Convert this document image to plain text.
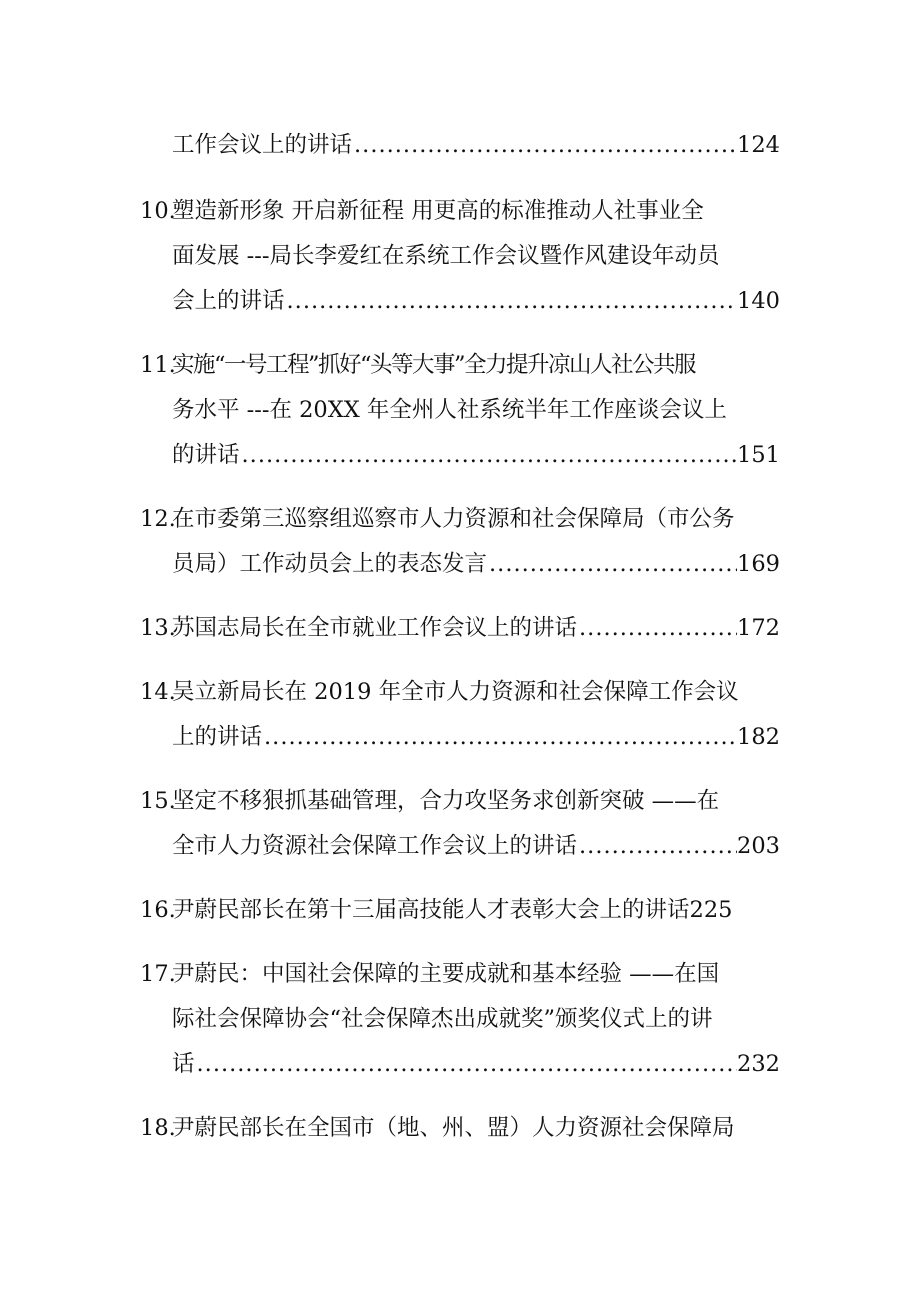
工作会议上的讲话 .....	124
10.
塑造新形象 开启新征程 用更高的标准推动人社事业全
面发展 ---局长李爱红在系统工作会议暨作风建设年动员
会上的讲话 .....	140
11.
实施“一号工程”抓好“头等大事”全力提升凉山人社公共服
务水平 ---在 20XX 年全州人社系统半年工作座谈会议上
的讲话 .....	151
12.
在市委第三巡察组巡察市人力资源和社会保障局（市公务
员局）工作动员会上的表态发言 .....	169
13.
苏国志局长在全市就业工作会议上的讲话 .....	172
14.
吴立新局长在 2019 年全市人力资源和社会保障工作会议
上的讲话 .....	182
15.
坚定不移狠抓基础管理，合力攻坚务求创新突破 ——在
全市人力资源社会保障工作会议上的讲话 .....	203
16.
尹蔚民部长在第十三届高技能人才表彰大会上的讲话 225
17.
尹蔚民：中国社会保障的主要成就和基本经验 ——在国
际社会保障协会“社会保障杰出成就奖”颁奖仪式上的讲
话 .....	232
18.
尹蔚民部长在全国市（地、州、盟）人力资源社会保障局
